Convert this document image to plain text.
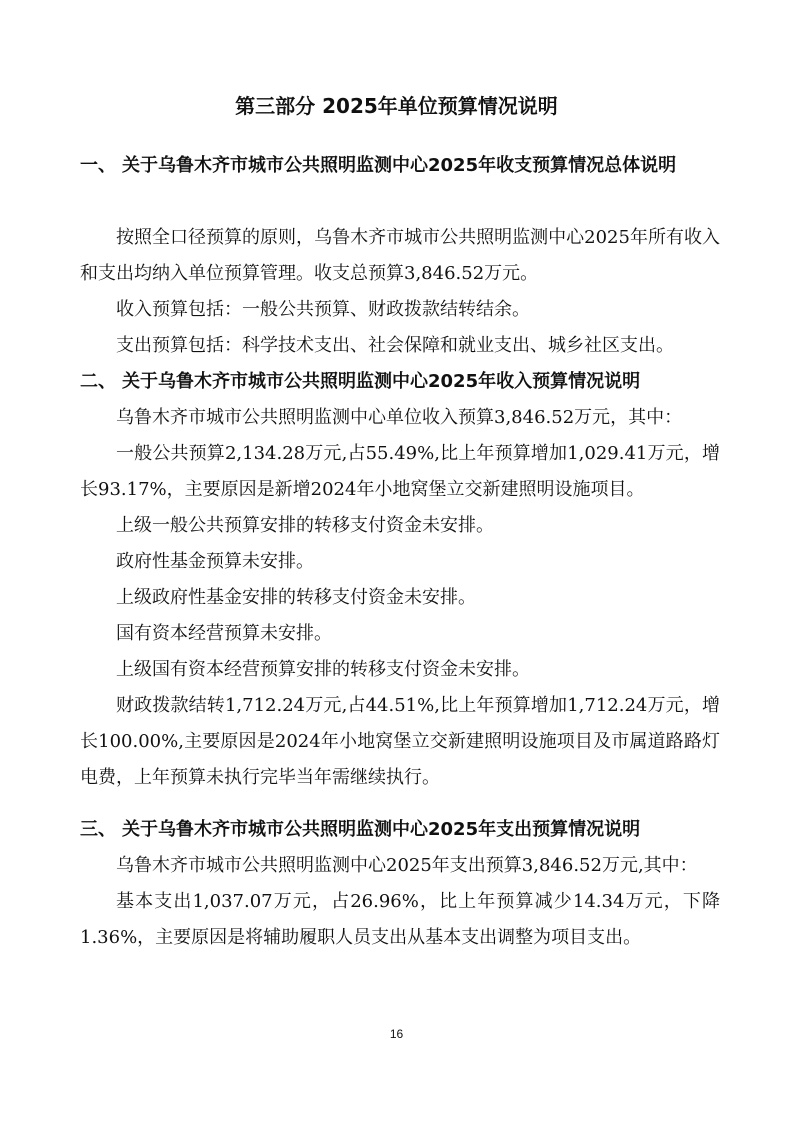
第三部分 2025年单位预算情况说明
一、 关于乌鲁木齐市城市公共照明监测中心2025年收支预算情况总体说明
按照全口径预算的原则，乌鲁木齐市城市公共照明监测中心2025年所有收入和支出均纳入单位预算管理。收支总预算3,846.52万元。
收入预算包括：一般公共预算、财政拨款结转结余。
支出预算包括：科学技术支出、社会保障和就业支出、城乡社区支出。
二、 关于乌鲁木齐市城市公共照明监测中心2025年收入预算情况说明
乌鲁木齐市城市公共照明监测中心单位收入预算3,846.52万元，其中：
一般公共预算2,134.28万元,占55.49%,比上年预算增加1,029.41万元，增长93.17%，主要原因是新增2024年小地窝堡立交新建照明设施项目。
上级一般公共预算安排的转移支付资金未安排。
政府性基金预算未安排。
上级政府性基金安排的转移支付资金未安排。
国有资本经营预算未安排。
上级国有资本经营预算安排的转移支付资金未安排。
财政拨款结转1,712.24万元,占44.51%,比上年预算增加1,712.24万元，增长100.00%,主要原因是2024年小地窝堡立交新建照明设施项目及市属道路路灯电费，上年预算未执行完毕当年需继续执行。
三、 关于乌鲁木齐市城市公共照明监测中心2025年支出预算情况说明
乌鲁木齐市城市公共照明监测中心2025年支出预算3,846.52万元,其中：
基本支出1,037.07万元，占26.96%，比上年预算减少14.34万元，下降1.36%，主要原因是将辅助履职人员支出从基本支出调整为项目支出。
16
